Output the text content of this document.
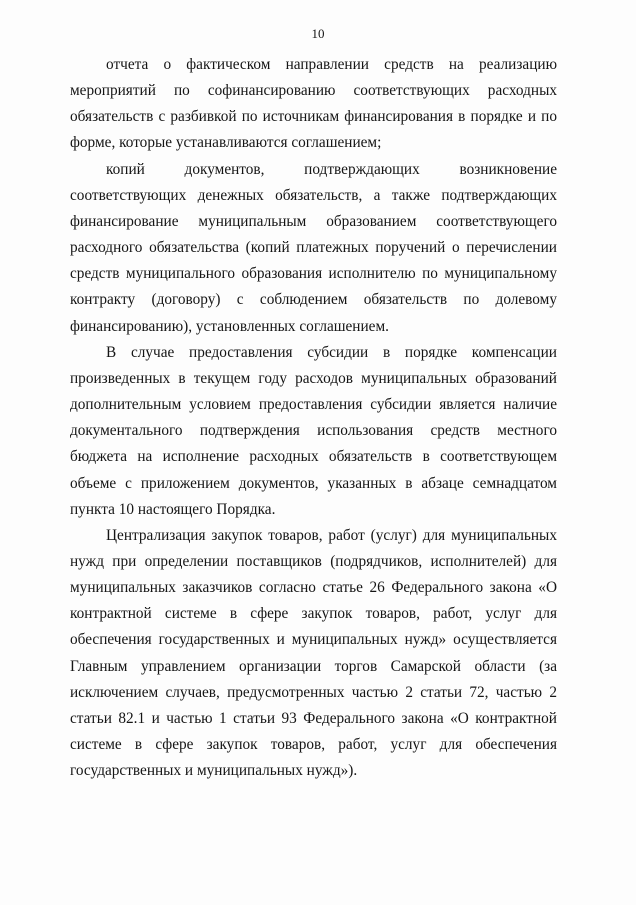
10

отчета о фактическом направлении средств на реализацию мероприятий по софинансированию соответствующих расходных обязательств с разбивкой по источникам финансирования в порядке и по форме, которые устанавливаются соглашением;

копий документов, подтверждающих возникновение соответствующих денежных обязательств, а также подтверждающих финансирование муниципальным образованием соответствующего расходного обязательства (копий платежных поручений о перечислении средств муниципального образования исполнителю по муниципальному контракту (договору) с соблюдением обязательств по долевому финансированию), установленных соглашением.

В случае предоставления субсидии в порядке компенсации произведенных в текущем году расходов муниципальных образований дополнительным условием предоставления субсидии является наличие документального подтверждения использования средств местного бюджета на исполнение расходных обязательств в соответствующем объеме с приложением документов, указанных в абзаце семнадцатом пункта 10 настоящего Порядка.

Централизация закупок товаров, работ (услуг) для муниципальных нужд при определении поставщиков (подрядчиков, исполнителей) для муниципальных заказчиков согласно статье 26 Федерального закона «О контрактной системе в сфере закупок товаров, работ, услуг для обеспечения государственных и муниципальных нужд» осуществляется Главным управлением организации торгов Самарской области (за исключением случаев, предусмотренных частью 2 статьи 72, частью 2 статьи 82.1 и частью 1 статьи 93 Федерального закона «О контрактной системе в сфере закупок товаров, работ, услуг для обеспечения государственных и муниципальных нужд»).
